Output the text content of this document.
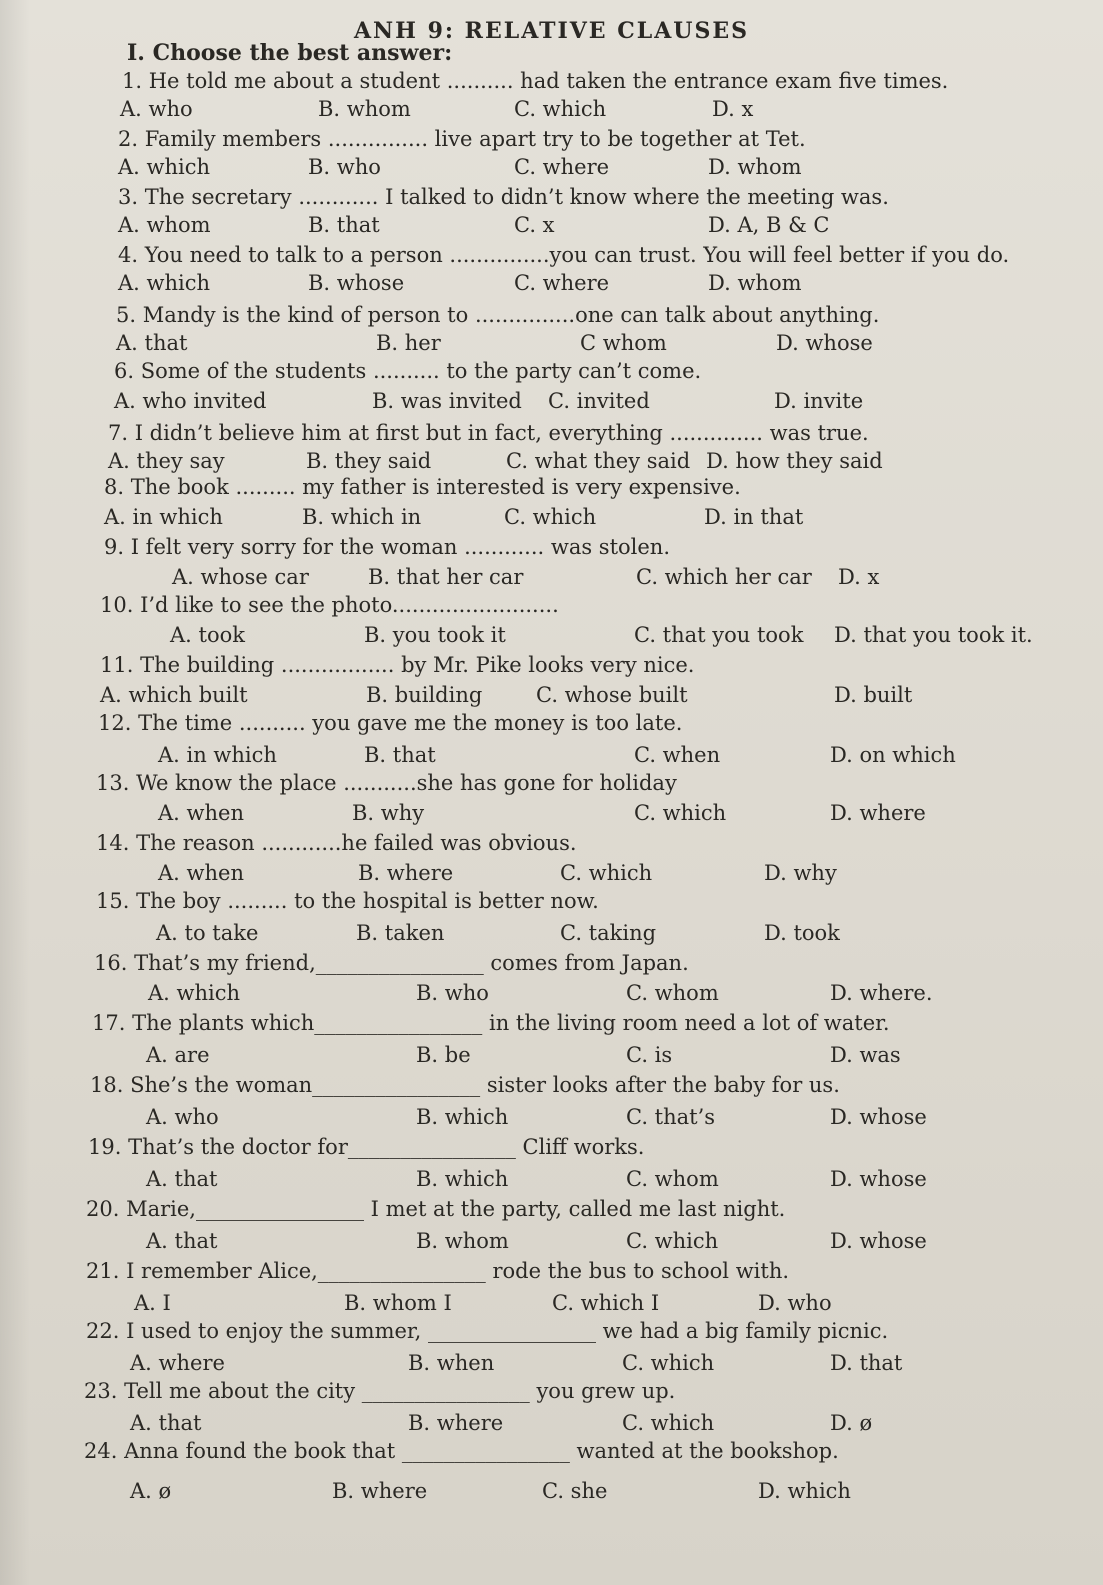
ANH 9: RELATIVE CLAUSES
I. Choose the best answer:
1. He told me about a student .......... had taken the entrance exam five times.
A. who	B. whom	C. which	D. x
2. Family members ............... live apart try to be together at Tet.
A. which	B. who	C. where	D. whom
3. The secretary ............ I talked to didn’t know where the meeting was.
A. whom	B. that	C. x	D. A, B & C
4. You need to talk to a person ...............you can trust. You will feel better if you do.
A. which	B. whose	C. where	D. whom
5. Mandy is the kind of person to ...............one can talk about anything.
A. that	B. her	C whom	D. whose
6. Some of the students .......... to the party can’t come.
A. who invited	B. was invited C. invited	D. invite
7. I didn’t believe him at first but in fact, everything .............. was true.
A. they say	B. they said	C. what they said D. how they said
8. The book ......... my father is interested is very expensive.
A. in which	B. which in	C. which	D. in that
9. I felt very sorry for the woman ............ was stolen.
A. whose car	B. that her car	C. which her car D. x
10. I’d like to see the photo.........................
A. took	B. you took it	C. that you took D. that you took it.
11. The building ................. by Mr. Pike looks very nice.
A. which built	B. building	C. whose built	D. built
12. The time .......... you gave me the money is too late.
A. in which	B. that	C. when	D. on which
13. We know the place ...........she has gone for holiday
A. when	B. why	C. which	D. where
14. The reason ............he failed was obvious.
A. when	B. where	C. which	D. why
15. The boy ......... to the hospital is better now.
A. to take	B. taken	C. taking	D. took
16. That’s my friend,________________ comes from Japan.
A. which	B. who	C. whom	D. where.
17. The plants which________________ in the living room need a lot of water.
A. are	B. be	C. is	D. was
18. She’s the woman________________ sister looks after the baby for us.
A. who	B. which	C. that’s	D. whose
19. That’s the doctor for________________ Cliff works.
A. that	B. which	C. whom	D. whose
20. Marie,________________ I met at the party, called me last night.
A. that	B. whom	C. which	D. whose
21. I remember Alice,________________ rode the bus to school with.
A. I	B. whom I	C. which I	D. who
22. I used to enjoy the summer, ________________ we had a big family picnic.
A. where	B. when	C. which	D. that
23. Tell me about the city ________________ you grew up.
A. that	B. where	C. which	D. ø
24. Anna found the book that ________________ wanted at the bookshop.
A. ø	B. where	C. she	D. which
